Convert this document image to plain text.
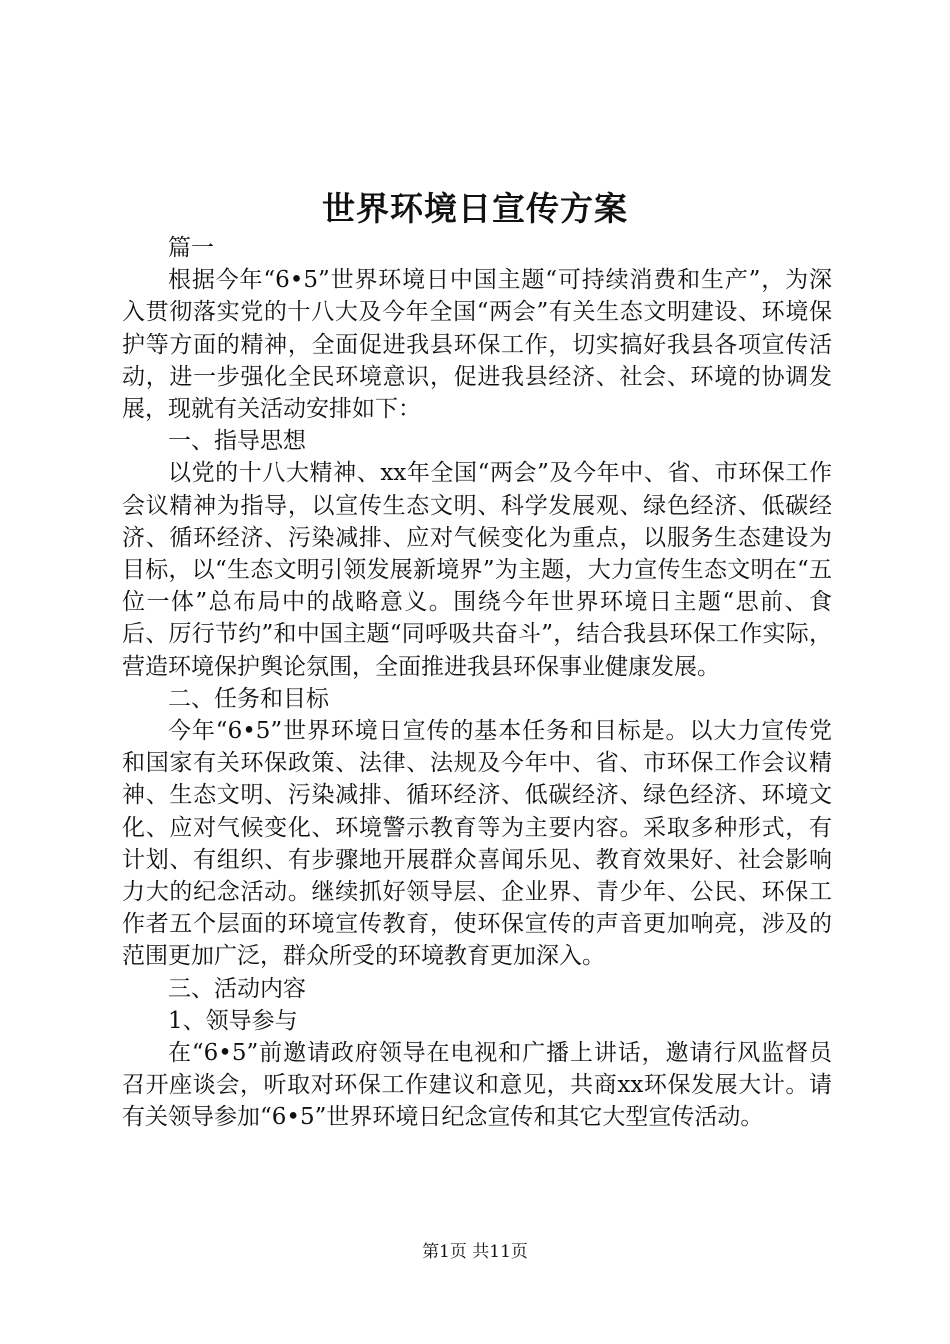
世界环境日宣传方案

篇一

根据今年“6•5”世界环境日中国主题“可持续消费和生产”，为深入贯彻落实党的十八大及今年全国“两会”有关生态文明建设、环境保护等方面的精神，全面促进我县环保工作，切实搞好我县各项宣传活动，进一步强化全民环境意识，促进我县经济、社会、环境的协调发展，现就有关活动安排如下：

一、指导思想

以党的十八大精神、xx年全国“两会”及今年中、省、市环保工作会议精神为指导，以宣传生态文明、科学发展观、绿色经济、低碳经济、循环经济、污染减排、应对气候变化为重点，以服务生态建设为目标，以“生态文明引领发展新境界”为主题，大力宣传生态文明在“五位一体”总布局中的战略意义。围绕今年世界环境日主题“思前、食后、厉行节约”和中国主题“同呼吸共奋斗”，结合我县环保工作实际，营造环境保护舆论氛围，全面推进我县环保事业健康发展。

二、任务和目标

今年“6•5”世界环境日宣传的基本任务和目标是。以大力宣传党和国家有关环保政策、法律、法规及今年中、省、市环保工作会议精神、生态文明、污染减排、循环经济、低碳经济、绿色经济、环境文化、应对气候变化、环境警示教育等为主要内容。采取多种形式，有计划、有组织、有步骤地开展群众喜闻乐见、教育效果好、社会影响力大的纪念活动。继续抓好领导层、企业界、青少年、公民、环保工作者五个层面的环境宣传教育，使环保宣传的声音更加响亮，涉及的范围更加广泛，群众所受的环境教育更加深入。

三、活动内容

1、领导参与

在“6•5”前邀请政府领导在电视和广播上讲话，邀请行风监督员召开座谈会，听取对环保工作建议和意见，共商xx环保发展大计。请有关领导参加“6•5”世界环境日纪念宣传和其它大型宣传活动。

第1页 共11页
